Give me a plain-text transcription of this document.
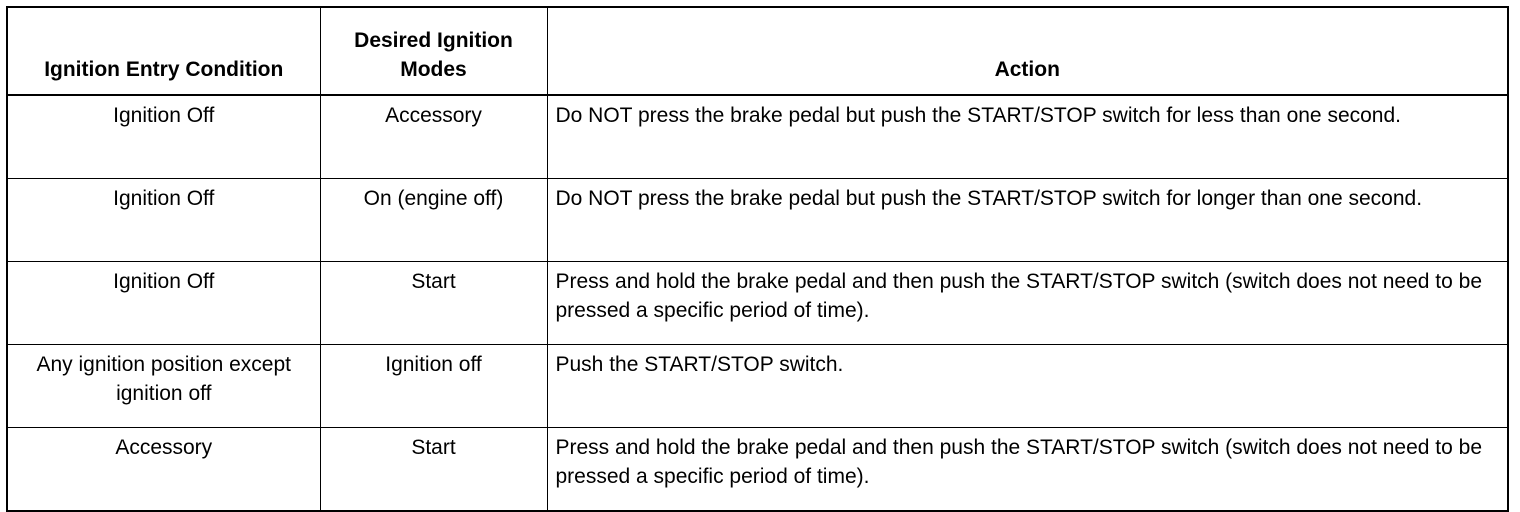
Ignition Entry Condition	Desired Ignition Modes	Action
Ignition Off	Accessory	Do NOT press the brake pedal but push the START/STOP switch for less than one second.
Ignition Off	On (engine off)	Do NOT press the brake pedal but push the START/STOP switch for longer than one second.
Ignition Off	Start	Press and hold the brake pedal and then push the START/STOP switch (switch does not need to be pressed a specific period of time).
Any ignition position except ignition off	Ignition off	Push the START/STOP switch.
Accessory	Start	Press and hold the brake pedal and then push the START/STOP switch (switch does not need to be pressed a specific period of time).
